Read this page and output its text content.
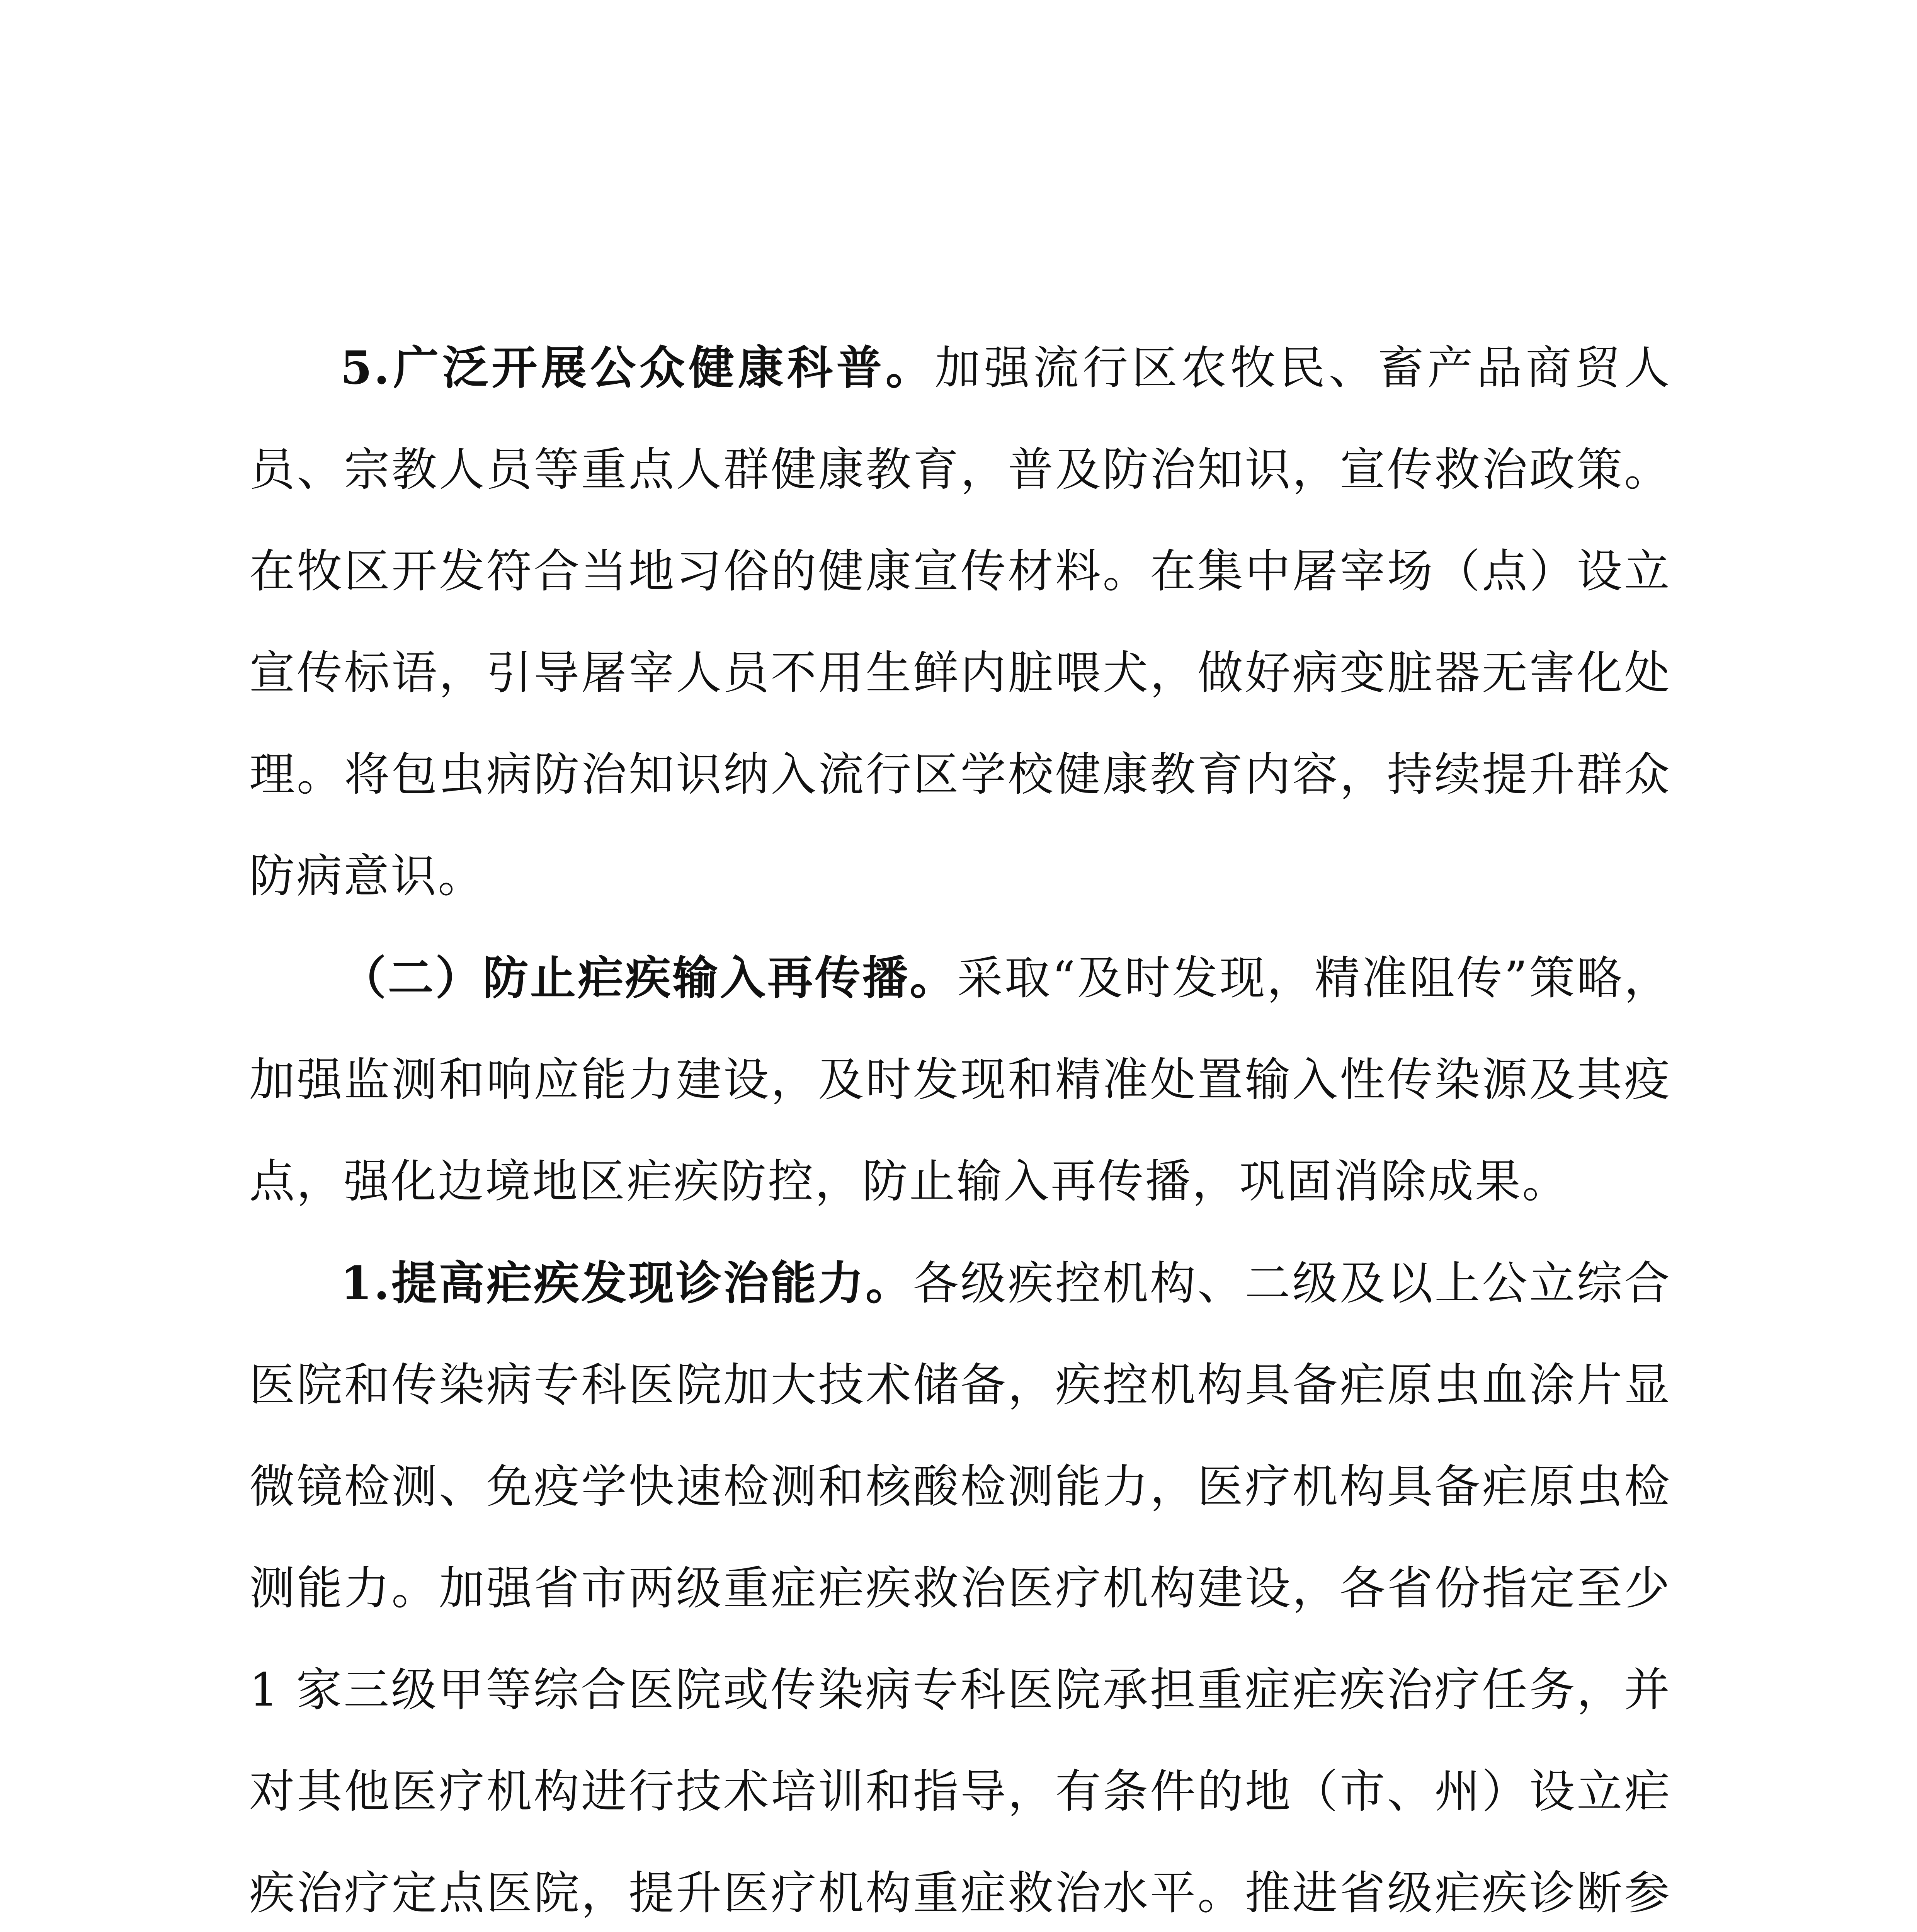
5.广泛开展公众健康科普。加强流行区农牧民、畜产品商贸人员、宗教人员等重点人群健康教育，普及防治知识，宣传救治政策。在牧区开发符合当地习俗的健康宣传材料。在集中屠宰场（点）设立宣传标语，引导屠宰人员不用生鲜内脏喂犬，做好病变脏器无害化处理。将包虫病防治知识纳入流行区学校健康教育内容，持续提升群众防病意识。

（二）防止疟疾输入再传播。采取“及时发现，精准阻传”策略，加强监测和响应能力建设，及时发现和精准处置输入性传染源及其疫点，强化边境地区疟疾防控，防止输入再传播，巩固消除成果。

1.提高疟疾发现诊治能力。各级疾控机构、二级及以上公立综合医院和传染病专科医院加大技术储备，疾控机构具备疟原虫血涂片显微镜检测、免疫学快速检测和核酸检测能力，医疗机构具备疟原虫检测能力。加强省市两级重症疟疾救治医疗机构建设，各省份指定至少 1 家三级甲等综合医院或传染病专科医院承担重症疟疾治疗任务，并对其他医疗机构进行技术培训和指导，有条件的地（市、州）设立疟疾治疗定点医院，提升医疗机构重症救治水平。推进省级疟疾诊断参
